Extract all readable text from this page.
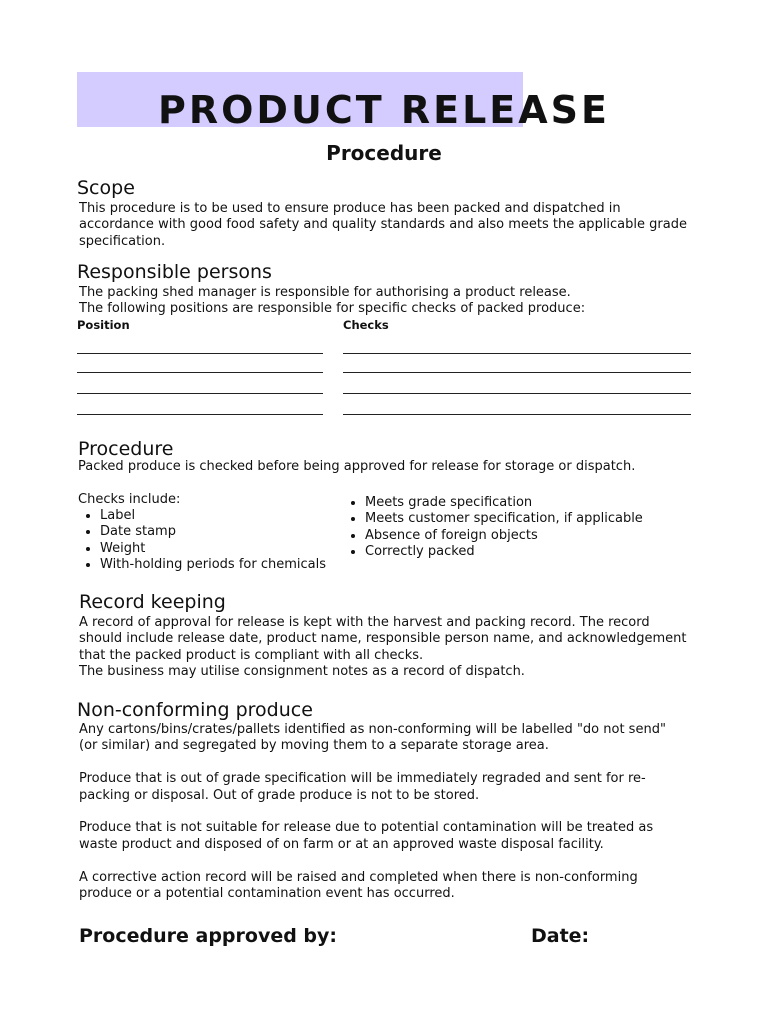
PRODUCT RELEASE
Procedure
Scope

This procedure is to be used to ensure produce has been packed and dispatched in

accordance with good food safety and quality standards and also meets the applicable grade

specification.

Responsible persons

The packing shed manager is responsible for authorising a product release.

The following positions are responsible for specific checks of packed produce:

Position	Checks
Procedure
Packed produce is checked before being approved for release for storage or dispatch.
Checks include:
• Label
• Date stamp
• Weight
• With-holding periods for chemicals
• Meets grade specification
• Meets customer specification, if applicable
• Absence of foreign objects
• Correctly packed
Record keeping

A record of approval for release is kept with the harvest and packing record. The record

should include release date, product name, responsible person name, and acknowledgement

that the packed product is compliant with all checks.

The business may utilise consignment notes as a record of dispatch.

Non-conforming produce

Any cartons/bins/crates/pallets identified as non-conforming will be labelled "do not send"

(or similar) and segregated by moving them to a separate storage area.

Produce that is out of grade specification will be immediately regraded and sent for re-

packing or disposal. Out of grade produce is not to be stored.

Produce that is not suitable for release due to potential contamination will be treated as

waste product and disposed of on farm or at an approved waste disposal facility.

A corrective action record will be raised and completed when there is non-conforming

produce or a potential contamination event has occurred.

Procedure approved by:	Date:
